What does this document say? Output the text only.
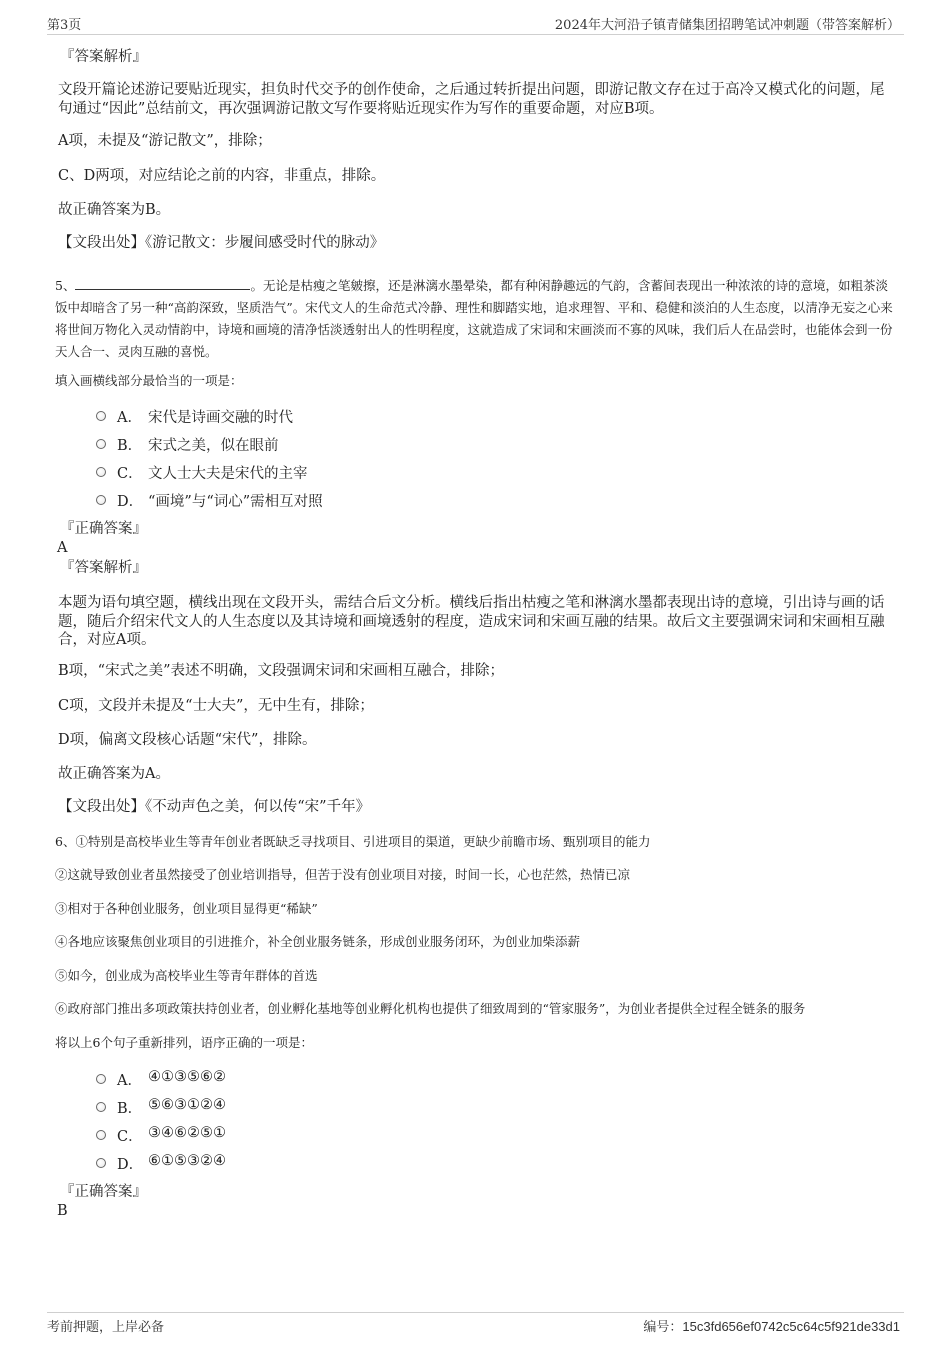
第3页	2024年大河沿子镇青储集团招聘笔试冲刺题（带答案解析）
『答案解析』
文段开篇论述游记要贴近现实，担负时代交予的创作使命，之后通过转折提出问题，即游记散文存在过于高冷又模式化的问题，尾句通过“因此”总结前文，再次强调游记散文写作要将贴近现实作为写作的重要命题，对应B项。
A项，未提及“游记散文”，排除；
C、D两项，对应结论之前的内容，非重点，排除。
故正确答案为B。
【文段出处】《游记散文：步履间感受时代的脉动》
5、	。无论是枯瘦之笔皴擦，还是淋漓水墨晕染，都有种闲静趣远的气韵，含蓄间表现出一种浓浓的诗的意境，如粗茶淡饭中却暗含了另一种“高韵深致，坚质浩气”。宋代文人的生命范式冷静、理性和脚踏实地，追求理智、平和、稳健和淡泊的人生态度，以清净无妄之心来将世间万物化入灵动情韵中，诗境和画境的清净恬淡透射出人的性明程度，这就造成了宋词和宋画淡而不寡的风味，我们后人在品尝时，也能体会到一份天人合一、灵肉互融的喜悦。
填入画横线部分最恰当的一项是：
A． 宋代是诗画交融的时代
B． 宋式之美，似在眼前
C． 文人士大夫是宋代的主宰
D． “画境”与“词心”需相互对照
『正确答案』
A
『答案解析』
本题为语句填空题，横线出现在文段开头，需结合后文分析。横线后指出枯瘦之笔和淋漓水墨都表现出诗的意境，引出诗与画的话题，随后介绍宋代文人的人生态度以及其诗境和画境透射的程度，造成宋词和宋画互融的结果。故后文主要强调宋词和宋画相互融合，对应A项。
B项，“宋式之美”表述不明确，文段强调宋词和宋画相互融合，排除；
C项，文段并未提及“士大夫”，无中生有，排除；
D项，偏离文段核心话题“宋代”，排除。
故正确答案为A。
【文段出处】《不动声色之美，何以传“宋”千年》
6、①特别是高校毕业生等青年创业者既缺乏寻找项目、引进项目的渠道，更缺少前瞻市场、甄别项目的能力
②这就导致创业者虽然接受了创业培训指导，但苦于没有创业项目对接，时间一长，心也茫然，热情已凉
③相对于各种创业服务，创业项目显得更“稀缺”
④各地应该聚焦创业项目的引进推介，补全创业服务链条，形成创业服务闭环，为创业加柴添薪
⑤如今，创业成为高校毕业生等青年群体的首选
⑥政府部门推出多项政策扶持创业者，创业孵化基地等创业孵化机构也提供了细致周到的“管家服务”，为创业者提供全过程全链条的服务
将以上6个句子重新排列，语序正确的一项是：
A． ④①③⑤⑥②
B． ⑤⑥③①②④
C． ③④⑥②⑤①
D． ⑥①⑤③②④
『正确答案』
B
考前押题，上岸必备	编号：15c3fd656ef0742c5c64c5f921de33d1
